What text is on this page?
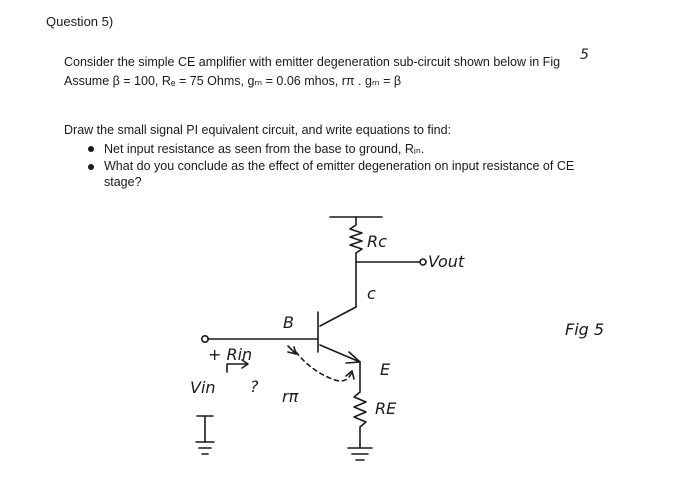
Question 5)
Consider the simple CE amplifier with emitter degeneration sub-circuit shown below in Fig 5
Assume β = 100, Rₑ = 75 Ohms, gₘ = 0.06 mhos, rπ . gₘ = β
Draw the small signal PI equivalent circuit, and write equations to find:
Net input resistance as seen from the base to ground, Rᵢₙ.
What do you conclude as the effect of emitter degeneration on input resistance of CE
stage?
Rc
Vout
c
B
E
RE
+ Rin
?
Vin	rπ
Fig 5
